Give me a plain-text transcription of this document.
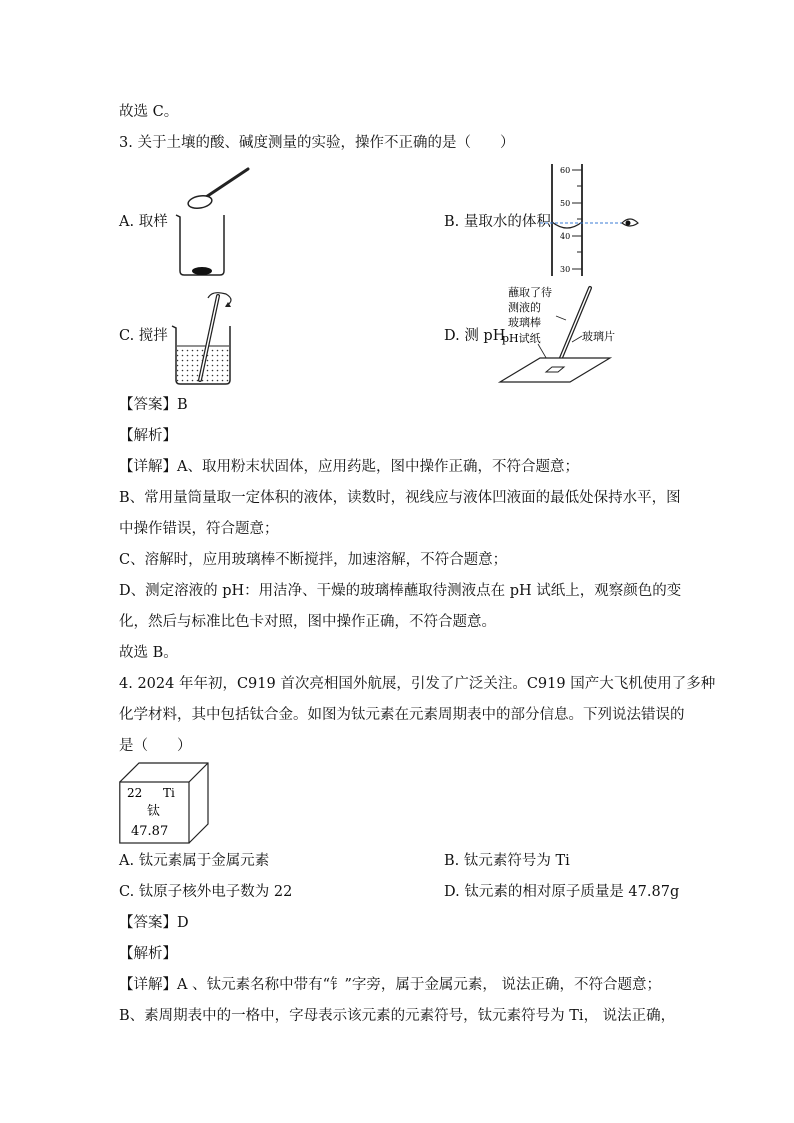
故选 C。
3. 关于土壤的酸、碱度测量的实验，操作不正确的是（　　）
A. 取样	B. 量取水的体积
60
50
40
30
C. 搅拌	D. 测 pH
蘸取了待
测液的
玻璃棒
pH试纸	玻璃片
【答案】B
【解析】
【详解】A、取用粉末状固体，应用药匙，图中操作正确，不符合题意；
B、常用量筒量取一定体积的液体，读数时，视线应与液体凹液面的最低处保持水平，图
中操作错误，符合题意；
C、溶解时，应用玻璃棒不断搅拌，加速溶解，不符合题意；
D、测定溶液的 pH：用洁净、干燥的玻璃棒蘸取待测液点在 pH 试纸上，观察颜色的变
化，然后与标准比色卡对照，图中操作正确，不符合题意。
故选 B。
4. 2024 年年初，C919 首次亮相国外航展，引发了广泛关注。C919 国产大飞机使用了多种
化学材料，其中包括钛合金。如图为钛元素在元素周期表中的部分信息。下列说法错误的
是（　　）
22 Ti
钛
47.87
A. 钛元素属于金属元素	B. 钛元素符号为 Ti
C. 钛原子核外电子数为 22	D. 钛元素的相对原子质量是 47.87g
【答案】D
【解析】
【详解】A 、钛元素名称中带有“钅”字旁，属于金属元素， 说法正确，不符合题意；
B、素周期表中的一格中，字母表示该元素的元素符号，钛元素符号为 Ti， 说法正确，
